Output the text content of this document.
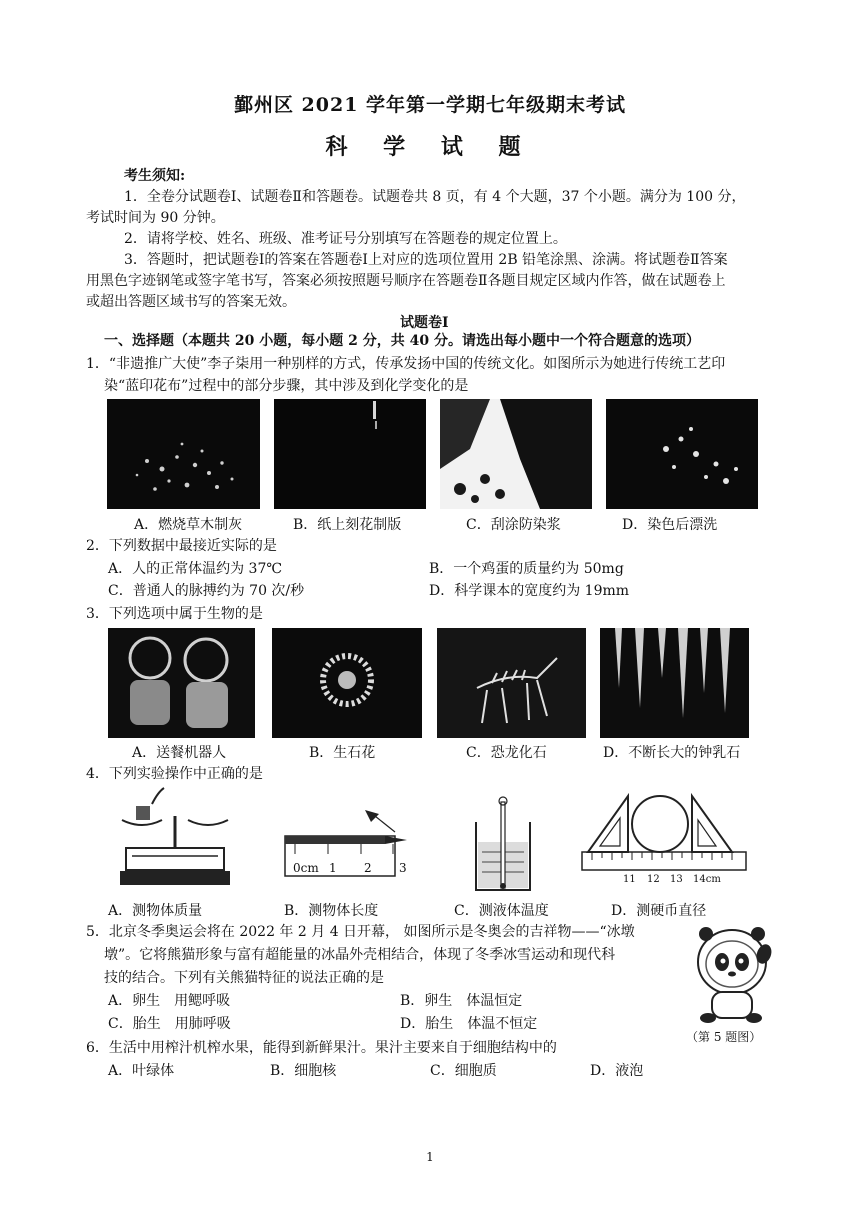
鄞州区 2021 学年第一学期七年级期末考试
科 学 试 题
考生须知:
1．全卷分试题卷Ⅰ、试题卷Ⅱ和答题卷。试题卷共 8 页，有 4 个大题，37 个小题。满分为 100 分，
考试时间为 90 分钟。
2．请将学校、姓名、班级、准考证号分别填写在答题卷的规定位置上。
3．答题时，把试题卷Ⅰ的答案在答题卷Ⅰ上对应的选项位置用 2B 铅笔涂黑、涂满。将试题卷Ⅱ答案
用黑色字迹钢笔或签字笔书写，答案必须按照题号顺序在答题卷Ⅱ各题目规定区域内作答，做在试题卷上
或超出答题区域书写的答案无效。
试题卷Ⅰ
一、选择题（本题共 20 小题，每小题 2 分，共 40 分。请选出每小题中一个符合题意的选项）
1．“非遗推广大使”李子柒用一种别样的方式，传承发扬中国的传统文化。如图所示为她进行传统工艺印
染“蓝印花布”过程中的部分步骤，其中涉及到化学变化的是
A．燃烧草木制灰	B．纸上刻花制版	C．刮涂防染浆	D．染色后漂洗
2．下列数据中最接近实际的是
A．人的正常体温约为 37℃	B．一个鸡蛋的质量约为 50mg
C．普通人的脉搏约为 70 次/秒	D．科学课本的宽度约为 19mm
3．下列选项中属于生物的是
A．送餐机器人	B．生石花	C．恐龙化石	D．不断长大的钟乳石
4．下列实验操作中正确的是
0cm 1 2 3
11 12 13 14cm
A．测物体质量	B．测物体长度	C．测液体温度	D．测硬币直径
5．北京冬季奥运会将在 2022 年 2 月 4 日开幕， 如图所示是冬奥会的吉祥物——“冰墩
墩”。它将熊猫形象与富有超能量的冰晶外壳相结合，体现了冬季冰雪运动和现代科
技的结合。下列有关熊猫特征的说法正确的是
A．卵生　用鳃呼吸	B．卵生　体温恒定
C．胎生　用肺呼吸	D．胎生　体温不恒定
（第 5 题图）
6．生活中用榨汁机榨水果，能得到新鲜果汁。果汁主要来自于细胞结构中的
A．叶绿体	B．细胞核	C．细胞质	D．液泡
1
